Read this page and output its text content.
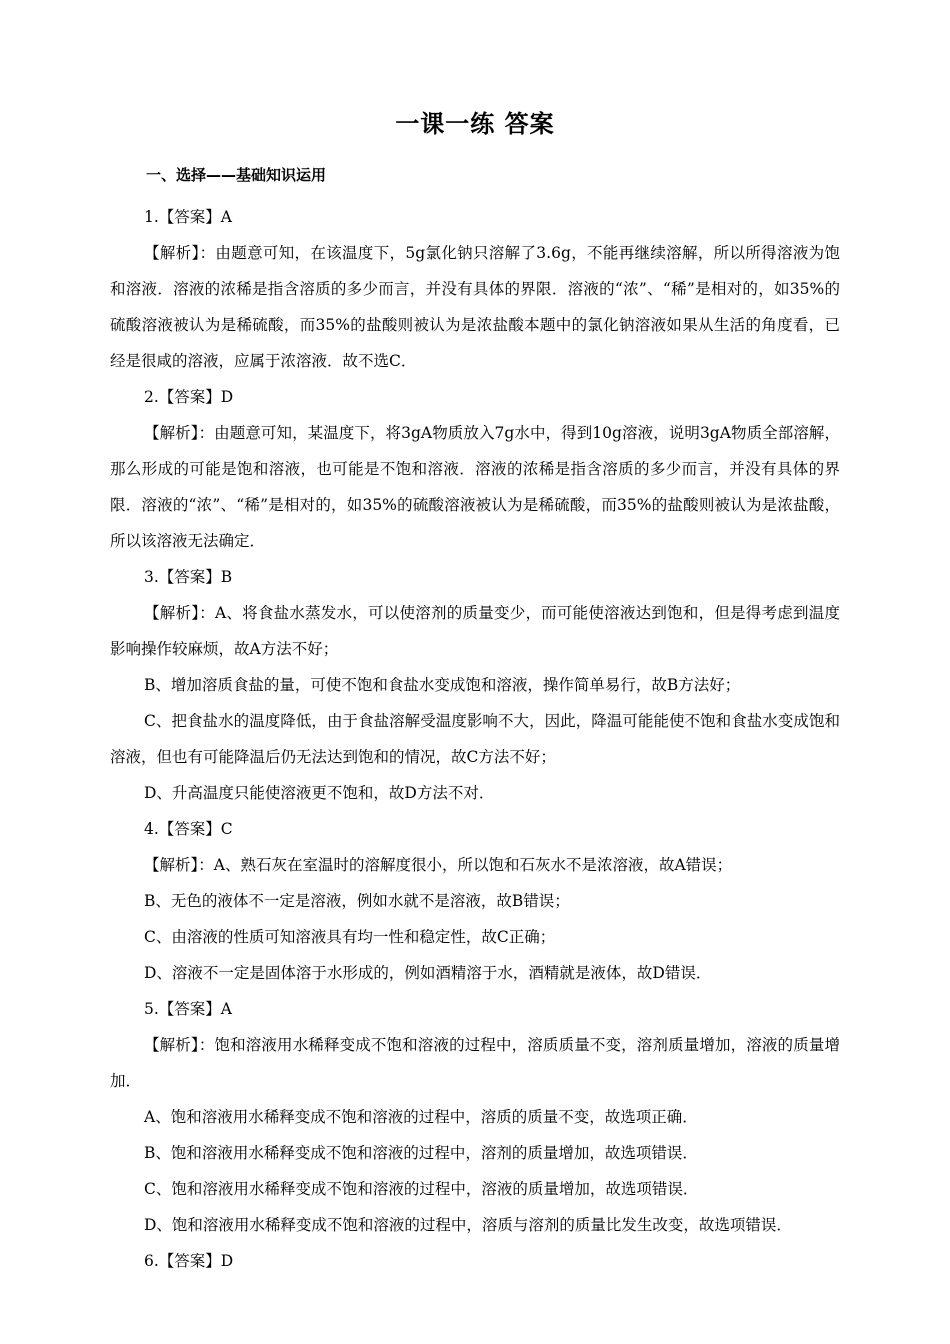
一课一练 答案
一、选择——基础知识运用

1.【答案】A

【解析】：由题意可知，在该温度下，5g氯化钠只溶解了3.6g，不能再继续溶解，所以所得溶液为饱和溶液．溶液的浓稀是指含溶质的多少而言，并没有具体的界限．溶液的“浓”、“稀”是相对的，如35%的硫酸溶液被认为是稀硫酸，而35%的盐酸则被认为是浓盐酸本题中的氯化钠溶液如果从生活的角度看，已经是很咸的溶液，应属于浓溶液．故不选C．

2.【答案】D

【解析】：由题意可知，某温度下，将3gA物质放入7g水中，得到10g溶液，说明3gA物质全部溶解，那么形成的可能是饱和溶液，也可能是不饱和溶液．溶液的浓稀是指含溶质的多少而言，并没有具体的界限．溶液的“浓”、“稀”是相对的，如35%的硫酸溶液被认为是稀硫酸，而35%的盐酸则被认为是浓盐酸，所以该溶液无法确定．

3.【答案】B

【解析】：A、将食盐水蒸发水，可以使溶剂的质量变少，而可能使溶液达到饱和，但是得考虑到温度影响操作较麻烦，故A方法不好；

B、增加溶质食盐的量，可使不饱和食盐水变成饱和溶液，操作简单易行，故B方法好；

C、把食盐水的温度降低，由于食盐溶解受温度影响不大，因此，降温可能能使不饱和食盐水变成饱和溶液，但也有可能降温后仍无法达到饱和的情况，故C方法不好；

D、升高温度只能使溶液更不饱和，故D方法不对．

4.【答案】C

【解析】：A、熟石灰在室温时的溶解度很小，所以饱和石灰水不是浓溶液，故A错误；

B、无色的液体不一定是溶液，例如水就不是溶液，故B错误；

C、由溶液的性质可知溶液具有均一性和稳定性，故C正确；

D、溶液不一定是固体溶于水形成的，例如酒精溶于水，酒精就是液体，故D错误．

5.【答案】A

【解析】：饱和溶液用水稀释变成不饱和溶液的过程中，溶质质量不变，溶剂质量增加，溶液的质量增加．

A、饱和溶液用水稀释变成不饱和溶液的过程中，溶质的质量不变，故选项正确．

B、饱和溶液用水稀释变成不饱和溶液的过程中，溶剂的质量增加，故选项错误．

C、饱和溶液用水稀释变成不饱和溶液的过程中，溶液的质量增加，故选项错误．

D、饱和溶液用水稀释变成不饱和溶液的过程中，溶质与溶剂的质量比发生改变，故选项错误．

6.【答案】D
